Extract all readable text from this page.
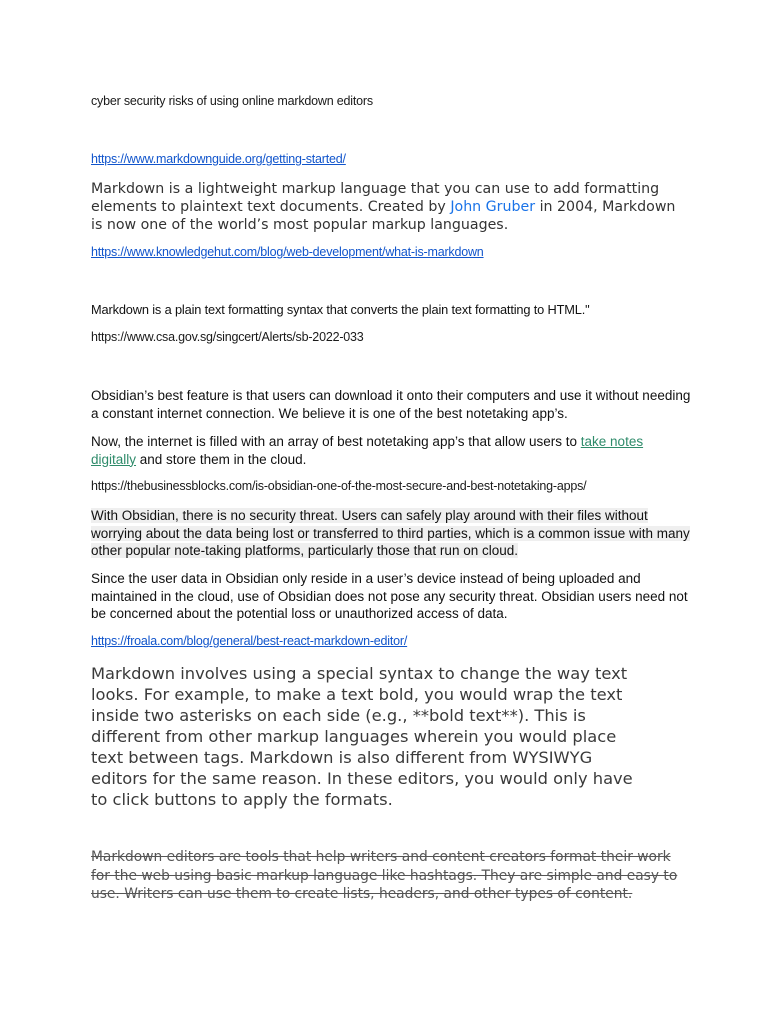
cyber security risks of using online markdown editors

https://www.markdownguide.org/getting-started/

Markdown is a lightweight markup language that you can use to add formatting elements to plaintext text documents. Created by John Gruber in 2004, Markdown is now one of the world’s most popular markup languages.

https://www.knowledgehut.com/blog/web-development/what-is-markdown

Markdown is a plain text formatting syntax that converts the plain text formatting to HTML."

https://www.csa.gov.sg/singcert/Alerts/sb-2022-033

Obsidian’s best feature is that users can download it onto their computers and use it without needing a constant internet connection. We believe it is one of the best notetaking app’s.

Now, the internet is filled with an array of best notetaking app’s that allow users to take notes digitally and store them in the cloud.

https://thebusinessblocks.com/is-obsidian-one-of-the-most-secure-and-best-notetaking-apps/

With Obsidian, there is no security threat. Users can safely play around with their files without worrying about the data being lost or transferred to third parties, which is a common issue with many other popular note-taking platforms, particularly those that run on cloud.

Since the user data in Obsidian only reside in a user’s device instead of being uploaded and maintained in the cloud, use of Obsidian does not pose any security threat. Obsidian users need not be concerned about the potential loss or unauthorized access of data.

https://froala.com/blog/general/best-react-markdown-editor/

Markdown involves using a special syntax to change the way text looks. For example, to make a text bold, you would wrap the text inside two asterisks on each side (e.g., **bold text**). This is different from other markup languages wherein you would place text between tags. Markdown is also different from WYSIWYG editors for the same reason. In these editors, you would only have to click buttons to apply the formats.

Markdown editors are tools that help writers and content creators format their work for the web using basic markup language like hashtags. They are simple and easy to use. Writers can use them to create lists, headers, and other types of content.
